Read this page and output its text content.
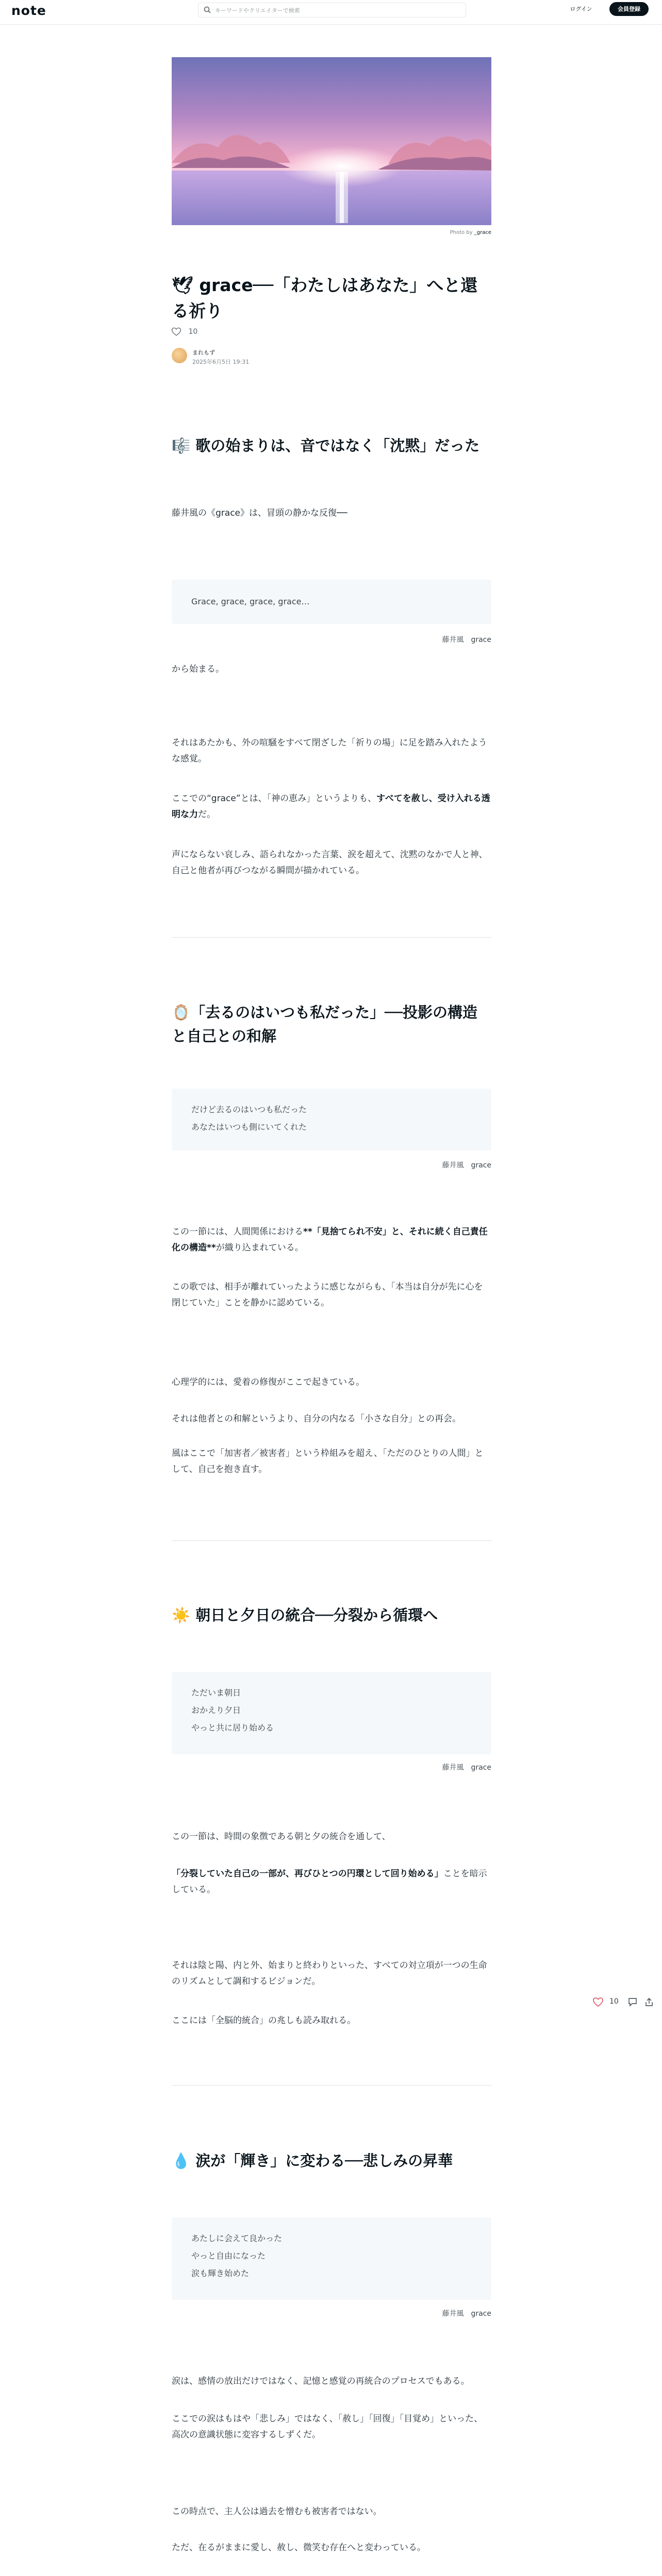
note
キーワードやクリエイターで検索	ログイン	会員登録
Photo by _grace
🕊 grace──「わたしはあなた」へと還る祈り
10
まれもず
2025年6月5日 19:31
🎼 歌の始まりは、音ではなく「沈黙」だった

藤井風の《grace》は、冒頭の静かな反復──

Grace, grace, grace, grace…
藤井風　grace

から始まる。

それはあたかも、外の喧騒をすべて閉ざした「祈りの場」に足を踏み入れたような感覚。

ここでの“grace”とは、「神の恵み」というよりも、すべてを赦し、受け入れる透明な力だ。

声にならない哀しみ、語られなかった言葉、涙を超えて、沈黙のなかで人と神、自己と他者が再びつながる瞬間が描かれている。

🪞「去るのはいつも私だった」──投影の構造と自己との和解
だけど去るのはいつも私だった
あなたはいつも側にいてくれた
藤井風　grace

この一節には、人間関係における**「見捨てられ不安」と、それに続く自己責任化の構造**が織り込まれている。

この歌では、相手が離れていったように感じながらも、「本当は自分が先に心を閉じていた」ことを静かに認めている。

心理学的には、愛着の修復がここで起きている。

それは他者との和解というより、自分の内なる「小さな自分」との再会。

風はここで「加害者／被害者」という枠組みを超え、「ただのひとりの人間」として、自己を抱き直す。

☀️ 朝日と夕日の統合──分裂から循環へ
ただいま朝日
おかえり夕日
やっと共に居り始める
藤井風　grace

この一節は、時間の象徴である朝と夕の統合を通して、

「分裂していた自己の一部が、再びひとつの円環として回り始める」ことを暗示している。

それは陰と陽、内と外、始まりと終わりといった、すべての対立項が一つの生命のリズムとして調和するビジョンだ。

ここには「全脳的統合」の兆しも読み取れる。

💧 涙が「輝き」に変わる──悲しみの昇華
あたしに会えて良かった
やっと自由になった
涙も輝き始めた
藤井風　grace

涙は、感情の放出だけではなく、記憶と感覚の再統合のプロセスでもある。

ここでの涙はもはや「悲しみ」ではなく、「赦し」「回復」「目覚め」といった、高次の意識状態に変容するしずくだ。

この時点で、主人公は過去を憎むも被害者ではない。

ただ、在るがままに愛し、赦し、微笑む存在へと変わっている。

10
